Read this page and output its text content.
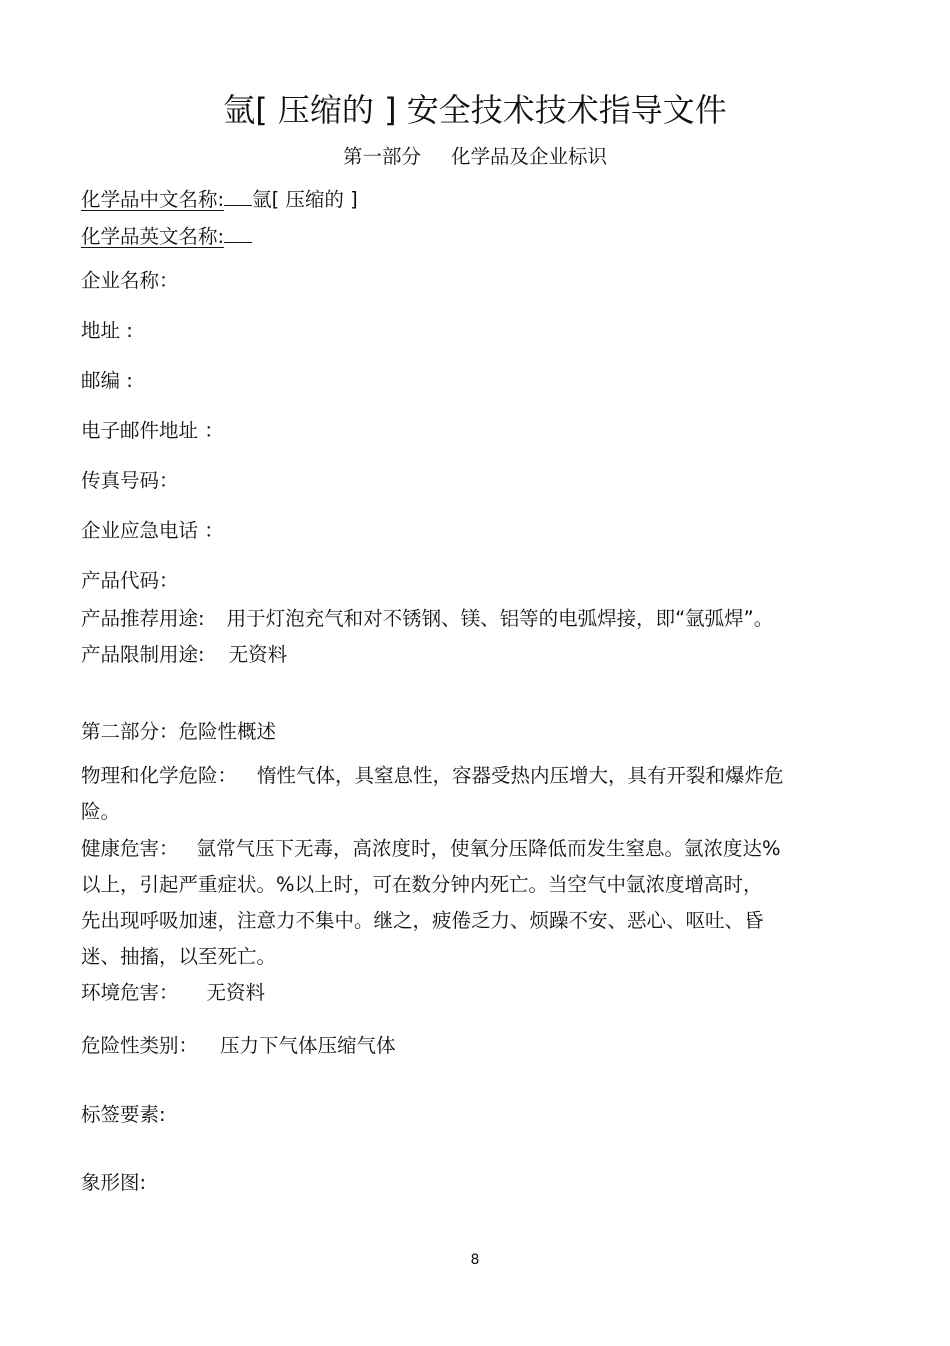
氩[ 压缩的 ] 安全技术技术指导文件
第一部分 化学品及企业标识
化学品中文名称: 氩[ 压缩的 ]
化学品英文名称:
企业名称：
地址 :
邮编 :
电子邮件地址 ：
传真号码：
企业应急电话 ：
产品代码：
产品推荐用途: 用于灯泡充气和对不锈钢、镁、铝等的电弧焊接，即“氩弧焊”。
产品限制用途: 无资料
第二部分：危险性概述
物理和化学危险： 惰性气体，具窒息性，容器受热内压增大，具有开裂和爆炸危
险。
健康危害： 氩常气压下无毒，高浓度时，使氧分压降低而发生窒息。氩浓度达%
以上，引起严重症状。%以上时，可在数分钟内死亡。当空气中氩浓度增高时，
先出现呼吸加速，注意力不集中。继之，疲倦乏力、烦躁不安、恶心、呕吐、昏
迷、抽搐，以至死亡。
环境危害： 无资料
危险性类别： 压力下气体压缩气体
标签要素:
象形图:
8
